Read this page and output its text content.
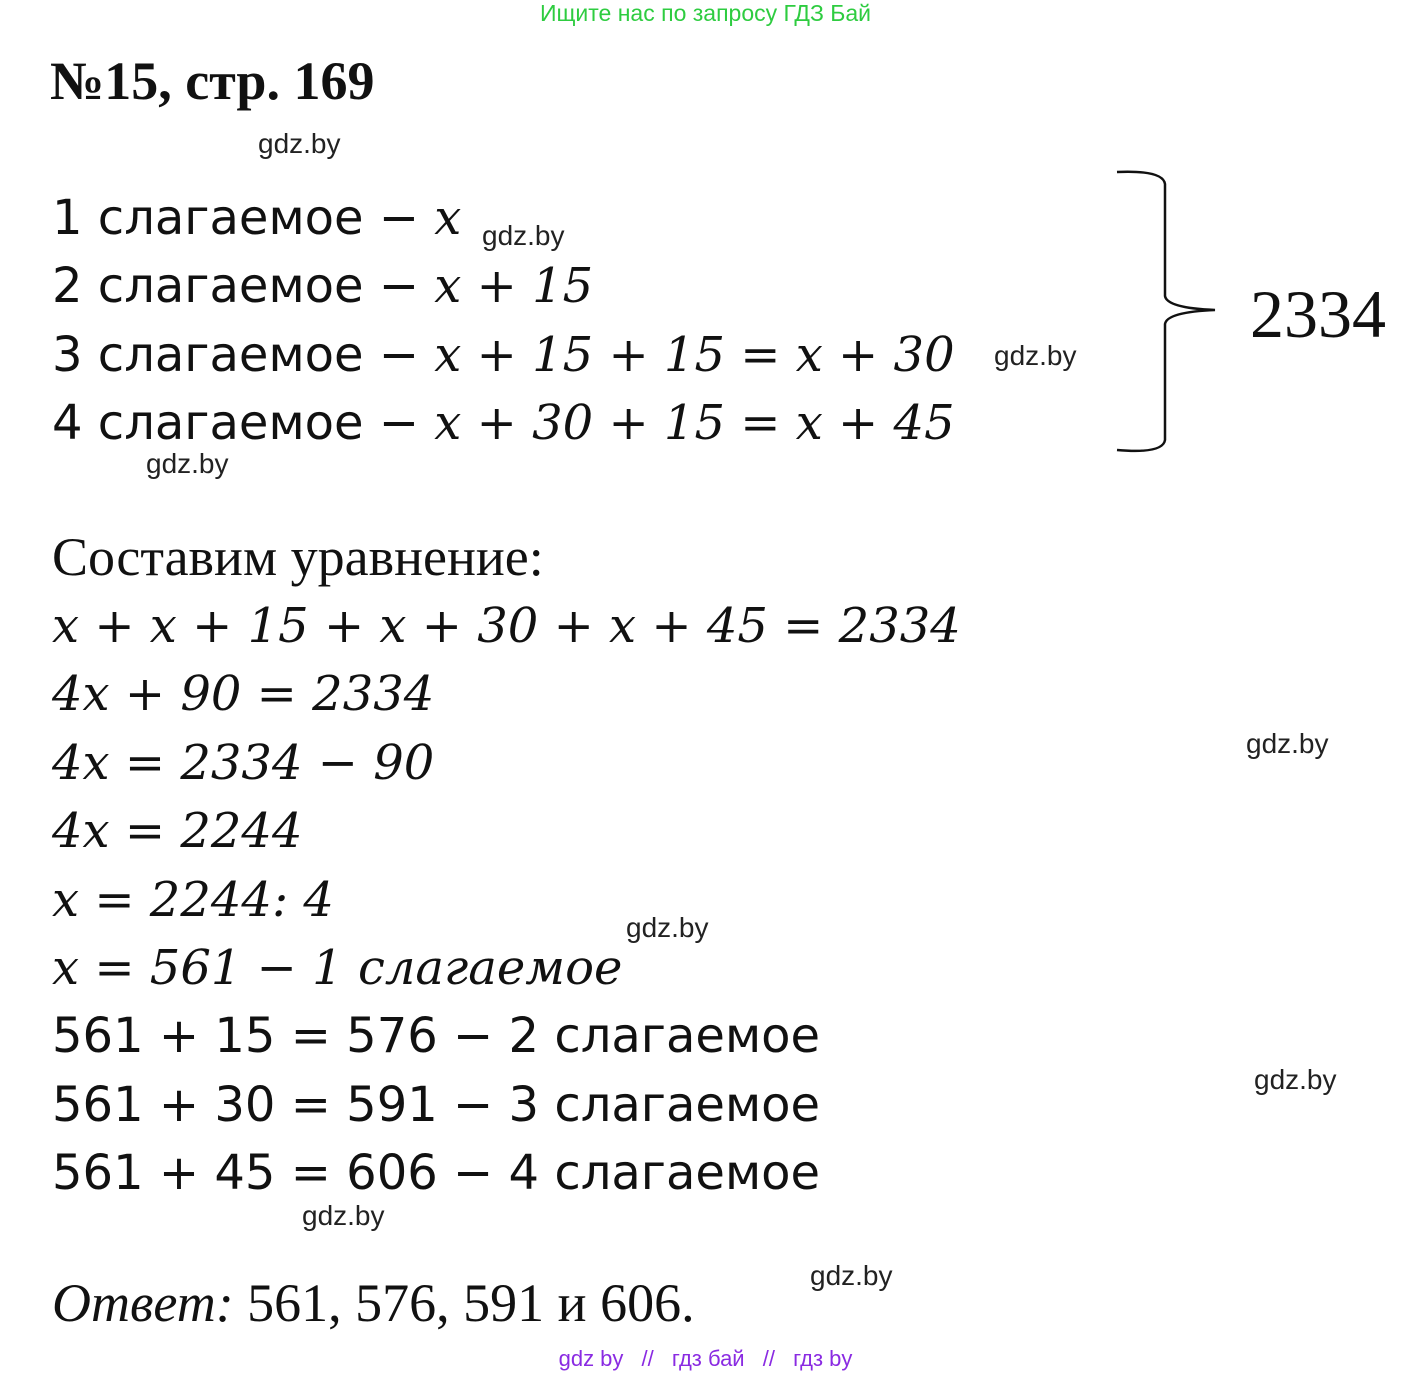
Ищите нас по запросу ГДЗ Бай
№15, стр. 169
gdz.by
gdz.by
gdz.by
gdz.by
gdz.by
gdz.by
gdz.by
gdz.by
gdz.by
1 слагаемое − x
2 слагаемое − x + 15
3 слагаемое − x + 15 + 15 = x + 30
4 слагаемое − x + 30 + 15 = x + 45
2334
Составим уравнение:
x + x + 15 + x + 30 + x + 45 = 2334
4x + 90 = 2334
4x = 2334 − 90
4x = 2244
x = 2244: 4
x = 561 − 1 слагаемое
561 + 15 = 576 − 2 слагаемое
561 + 30 = 591 − 3 слагаемое
561 + 45 = 606 − 4 слагаемое
Ответ: 561, 576, 591 и 606.
gdz by // гдз бай // гдз by
